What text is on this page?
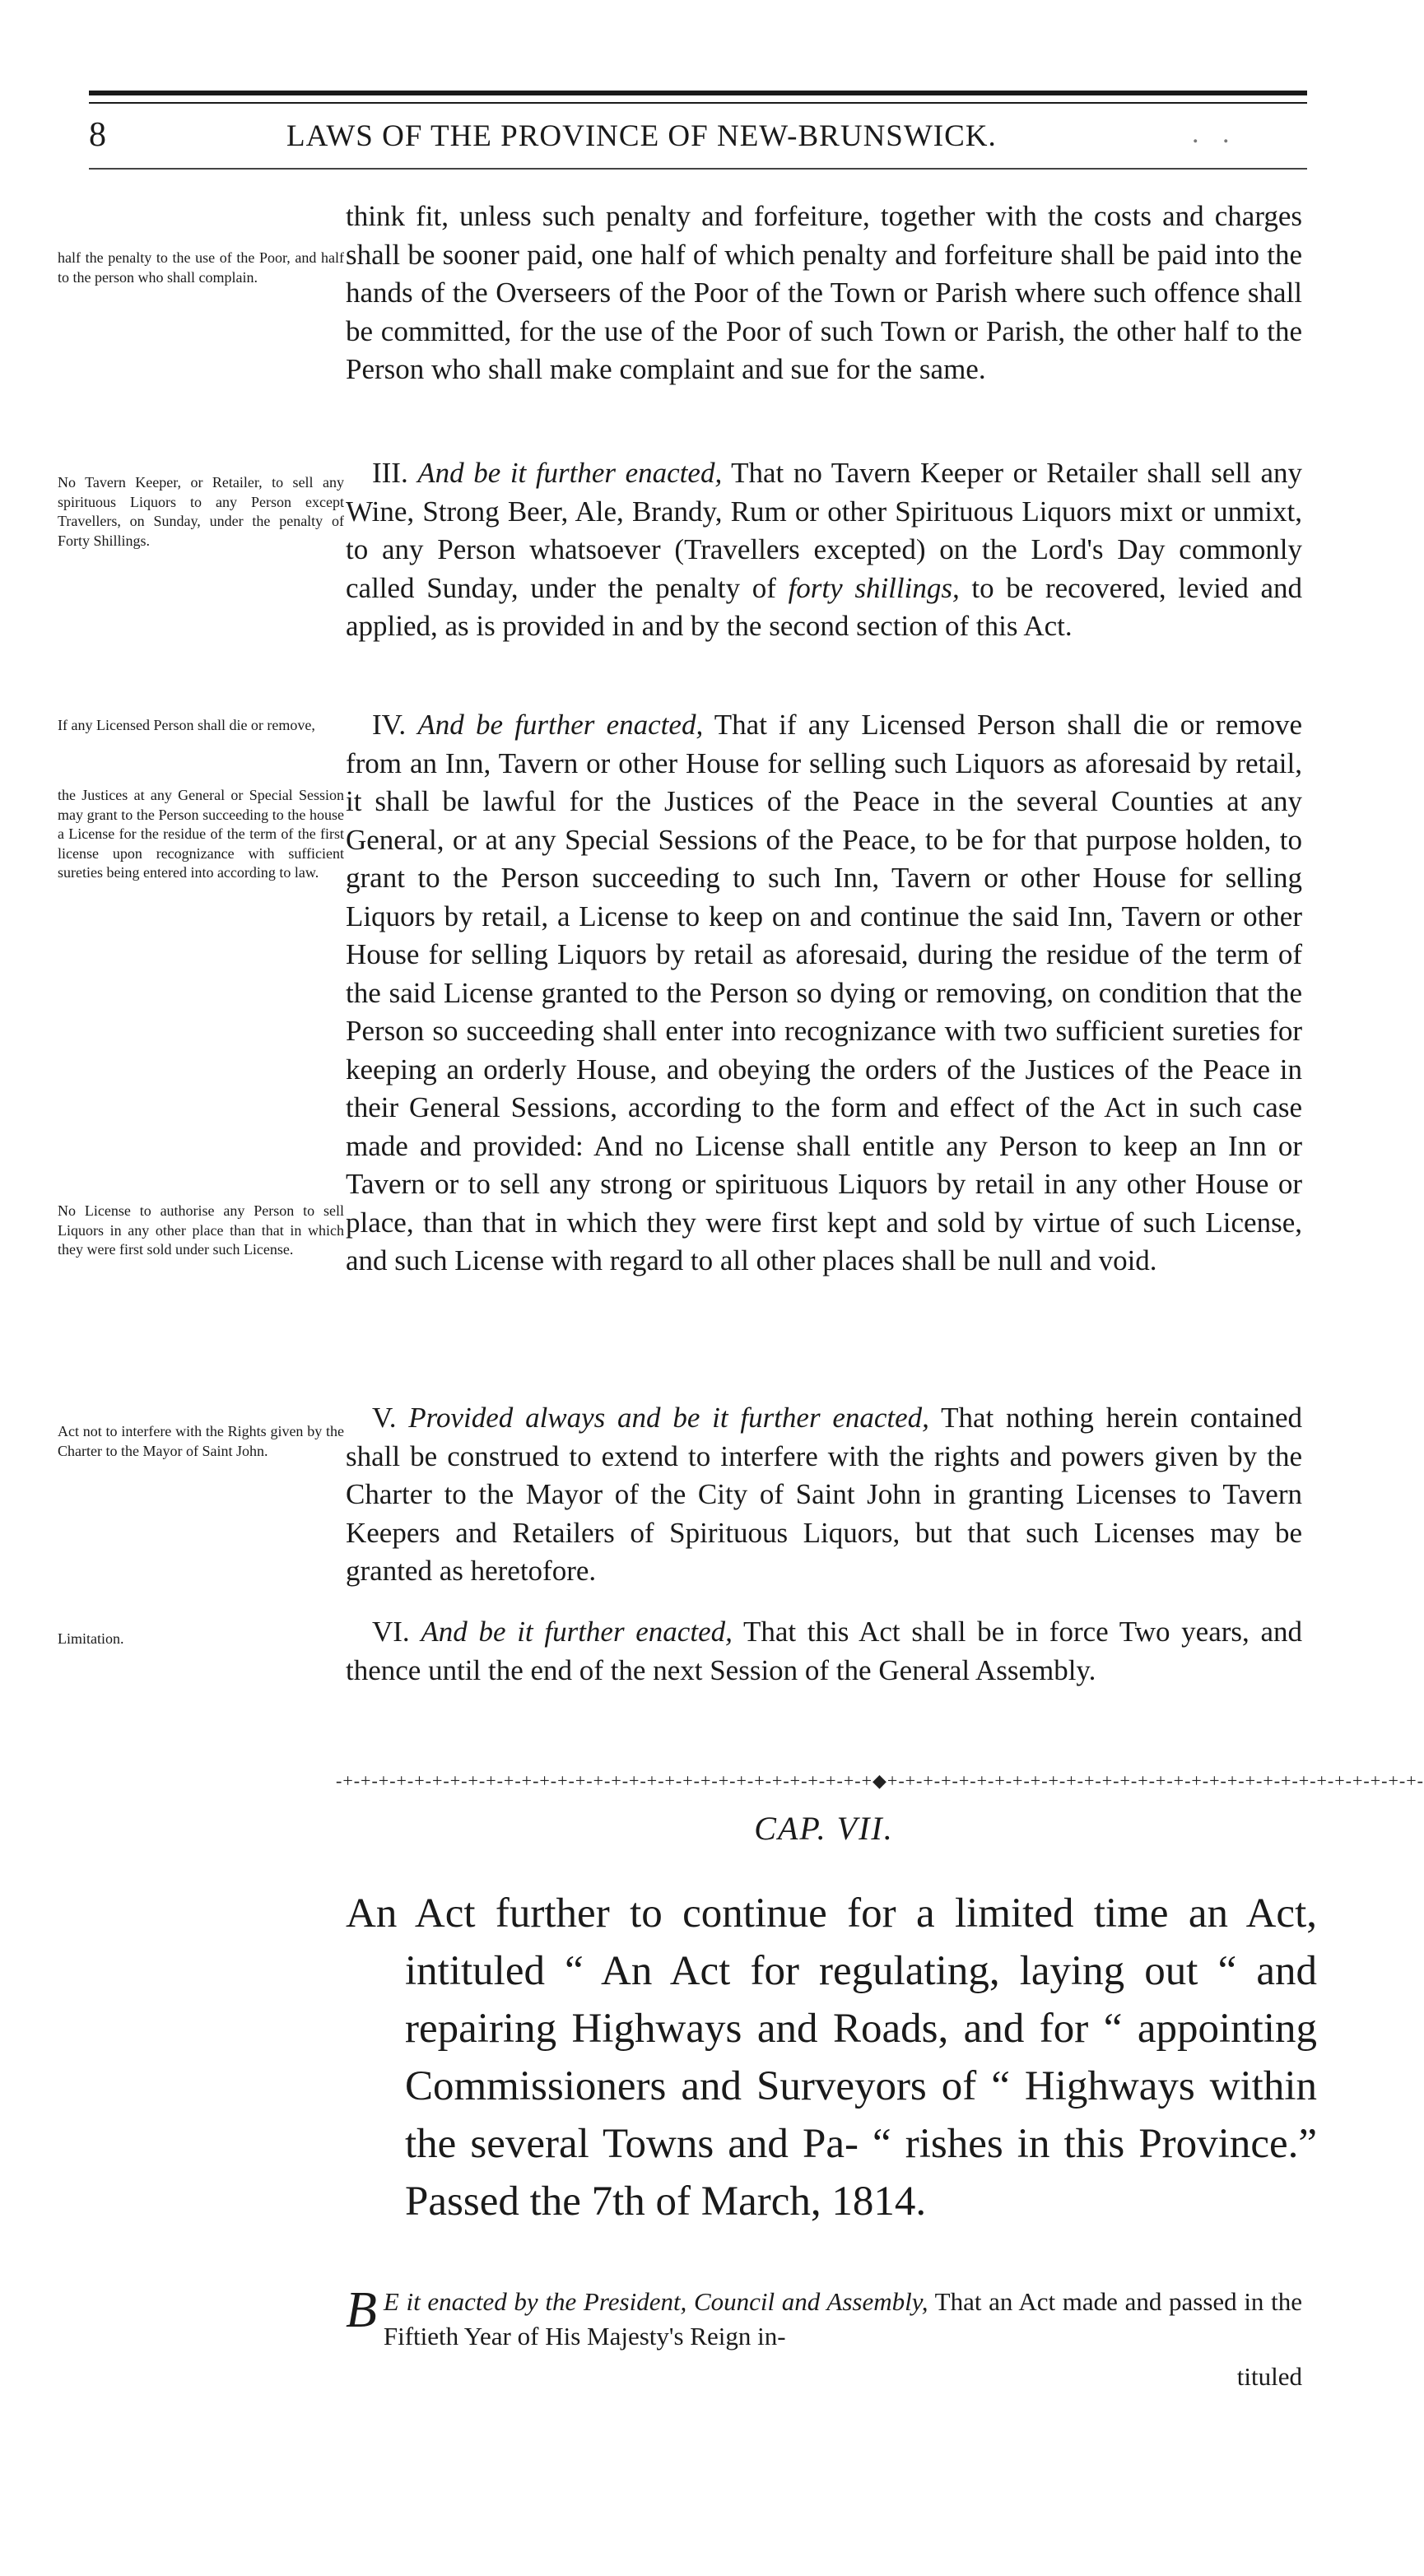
8	LAWS OF THE PROVINCE OF NEW-BRUNSWICK.	. .
half the penalty to the use of the Poor, and half to the person who shall complain.
No Tavern Keeper, or Retailer, to sell any spirituous Liquors to any Person except Travellers, on Sunday, under the penalty of Forty Shillings.
If any Licensed Person shall die or remove,
the Justices at any General or Special Session may grant to the Person succeeding to the house a License for the residue of the term of the first license upon recognizance with sufficient sureties being entered into according to law.
No License to authorise any Person to sell Liquors in any other place than that in which they were first sold under such License.
Act not to interfere with the Rights given by the Charter to the Mayor of Saint John.
Limitation.

think fit, unless such penalty and forfeiture, together with the costs and charges shall be sooner paid, one half of which penalty and forfeiture shall be paid into the hands of the Overseers of the Poor of the Town or Parish where such offence shall be committed, for the use of the Poor of such Town or Parish, the other half to the Person who shall make complaint and sue for the same.

III. And be it further enacted, That no Tavern Keeper or Retailer shall sell any Wine, Strong Beer, Ale, Brandy, Rum or other Spirituous Liquors mixt or unmixt, to any Person whatsoever (Travellers excepted) on the Lord's Day commonly called Sunday, under the penalty of forty shillings, to be recovered, levied and applied, as is provided in and by the second section of this Act.

IV. And be further enacted, That if any Licensed Person shall die or remove from an Inn, Tavern or other House for selling such Liquors as aforesaid by retail, it shall be lawful for the Justices of the Peace in the several Counties at any General, or at any Special Sessions of the Peace, to be for that purpose holden, to grant to the Person succeeding to such Inn, Tavern or other House for selling Liquors by retail, a License to keep on and continue the said Inn, Tavern or other House for selling Liquors by retail as aforesaid, during the residue of the term of the said License granted to the Person so dying or removing, on condition that the Person so succeeding shall enter into recognizance with two sufficient sureties for keeping an orderly House, and obeying the orders of the Justices of the Peace in their General Sessions, according to the form and effect of the Act in such case made and provided: And no License shall entitle any Person to keep an Inn or Tavern or to sell any strong or spirituous Liquors by retail in any other House or place, than that in which they were first kept and sold by virtue of such License, and such License with regard to all other places shall be null and void.

V. Provided always and be it further enacted, That nothing herein contained shall be construed to extend to interfere with the rights and powers given by the Charter to the Mayor of the City of Saint John in granting Licenses to Tavern Keepers and Retailers of Spirituous Liquors, but that such Licenses may be granted as heretofore.

VI. And be it further enacted, That this Act shall be in force Two years, and thence until the end of the next Session of the General Assembly.

-+-+-+-+-+-+-+-+-+-+-+-+-+-+-+-+-+-+-+-+-+-+-+-+-+-+-+-+-+-+◆+-+-+-+-+-+-+-+-+-+-+-+-+-+-+-+-+-+-+-+-+-+-+-+-+-+-+-+-+-+-
CAP. VII.

An Act further to continue for a limited time an Act, intituled “ An Act for regulating, laying out “ and repairing Highways and Roads, and for “ appointing Commissioners and Surveyors of “ Highways within the several Towns and Pa- “ rishes in this Province.” Passed the 7th of March, 1814.

B E it enacted by the President, Council and Assembly, That an Act made and passed in the Fiftieth Year of His Majesty's Reign in-
tituled
